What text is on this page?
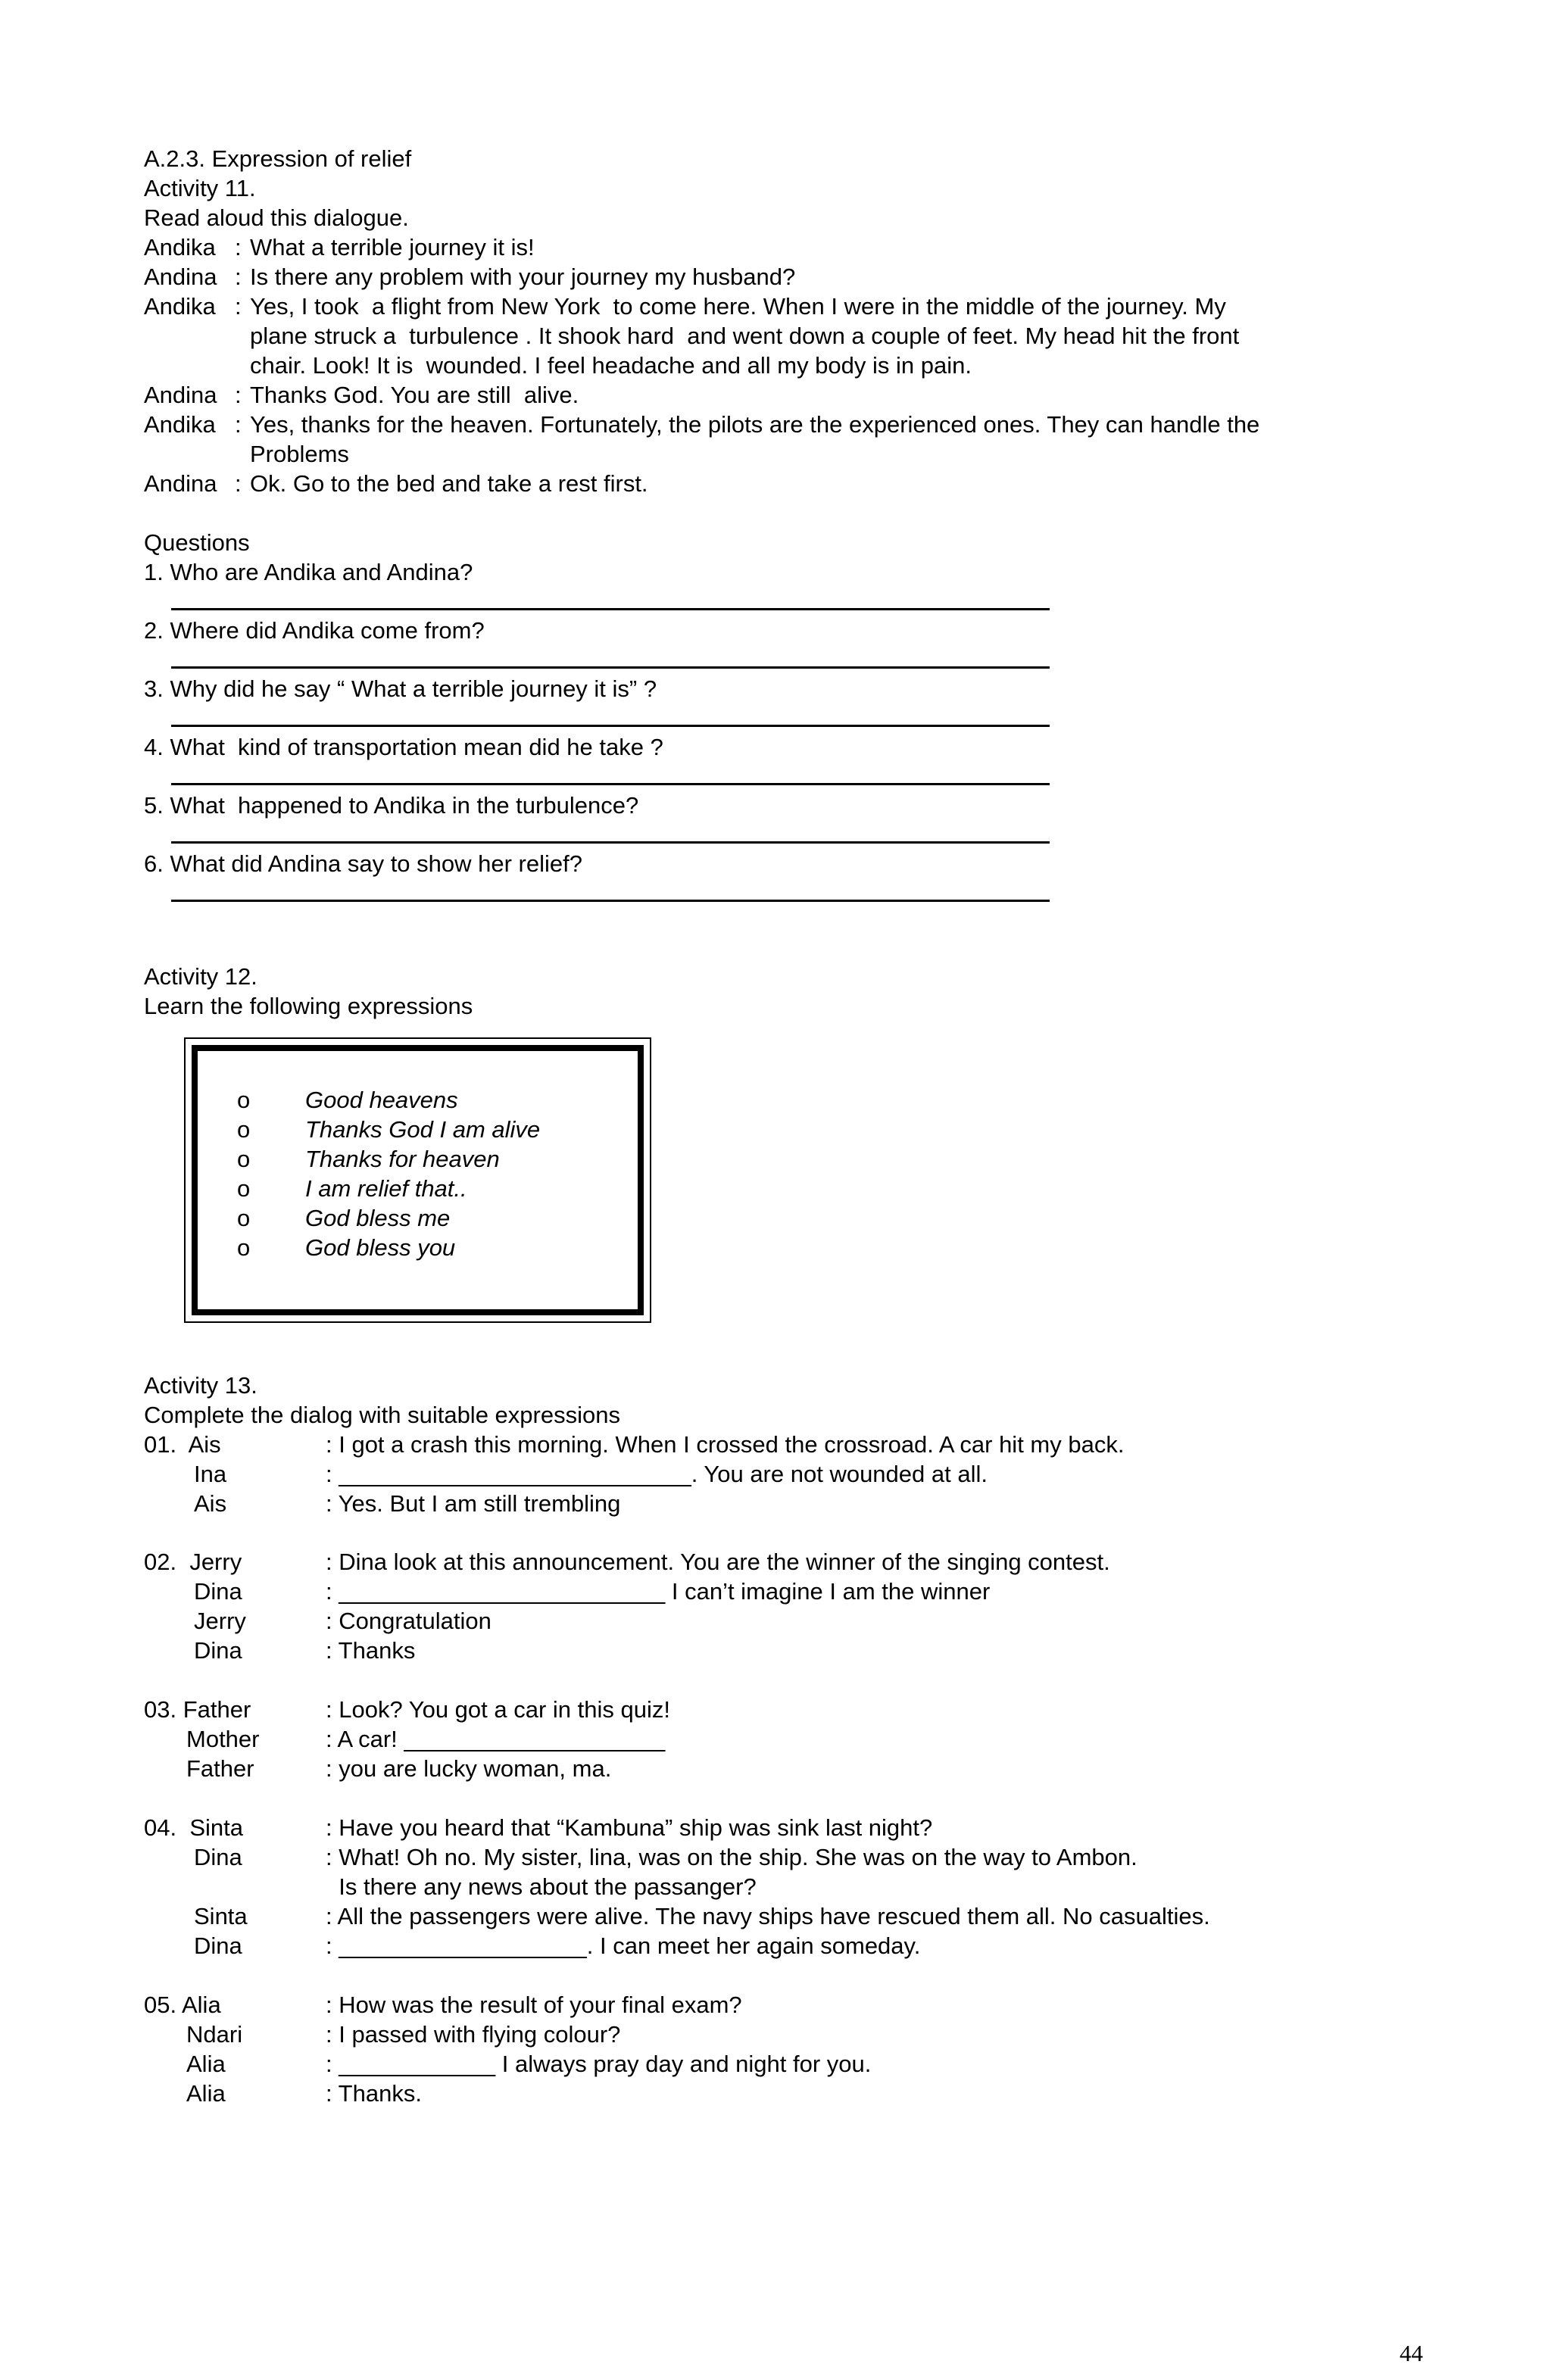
A.2.3. Expression of relief
Activity 11.
Read aloud this dialogue.
Andika : What a terrible journey it is!
Andina : Is there any problem with your journey my husband?
Andika : Yes, I took  a flight from New York  to come here. When I were in the middle of the journey. My
plane struck a  turbulence . It shook hard  and went down a couple of feet. My head hit the front
chair. Look! It is  wounded. I feel headache and all my body is in pain.
Andina : Thanks God. You are still  alive.
Andika : Yes, thanks for the heaven. Fortunately, the pilots are the experienced ones. They can handle the
Problems
Andina : Ok. Go to the bed and take a rest first.
Questions
1. Who are Andika and Andina?
2. Where did Andika come from?
3. Why did he say “ What a terrible journey it is” ?
4. What  kind of transportation mean did he take ?
5. What  happened to Andika in the turbulence?
6. What did Andina say to show her relief?
Activity 12.
Learn the following expressions
o Good heavens
o Thanks God I am alive
o Thanks for heaven
o I am relief that..
o God bless me
o God bless you
Activity 13.
Complete the dialog with suitable expressions
01.  Ais	: I got a crash this morning. When I crossed the crossroad. A car hit my back.
Ina	: ___________________________. You are not wounded at all.
Ais	: Yes. But I am still trembling
02.  Jerry	: Dina look at this announcement. You are the winner of the singing contest.
Dina	: _________________________ I can’t imagine I am the winner
Jerry	: Congratulation
Dina	: Thanks
03. Father	: Look? You got a car in this quiz!
Mother	: A car! ____________________
Father	: you are lucky woman, ma.
04.  Sinta	: Have you heard that “Kambuna” ship was sink last night?
Dina	: What! Oh no. My sister, lina, was on the ship. She was on the way to Ambon.
Is there any news about the passanger?
Sinta	: All the passengers were alive. The navy ships have rescued them all. No casualties.
Dina	: ___________________. I can meet her again someday.
05. Alia	: How was the result of your final exam?
Ndari	: I passed with flying colour?
Alia	: ____________ I always pray day and night for you.
Alia	: Thanks.
44
